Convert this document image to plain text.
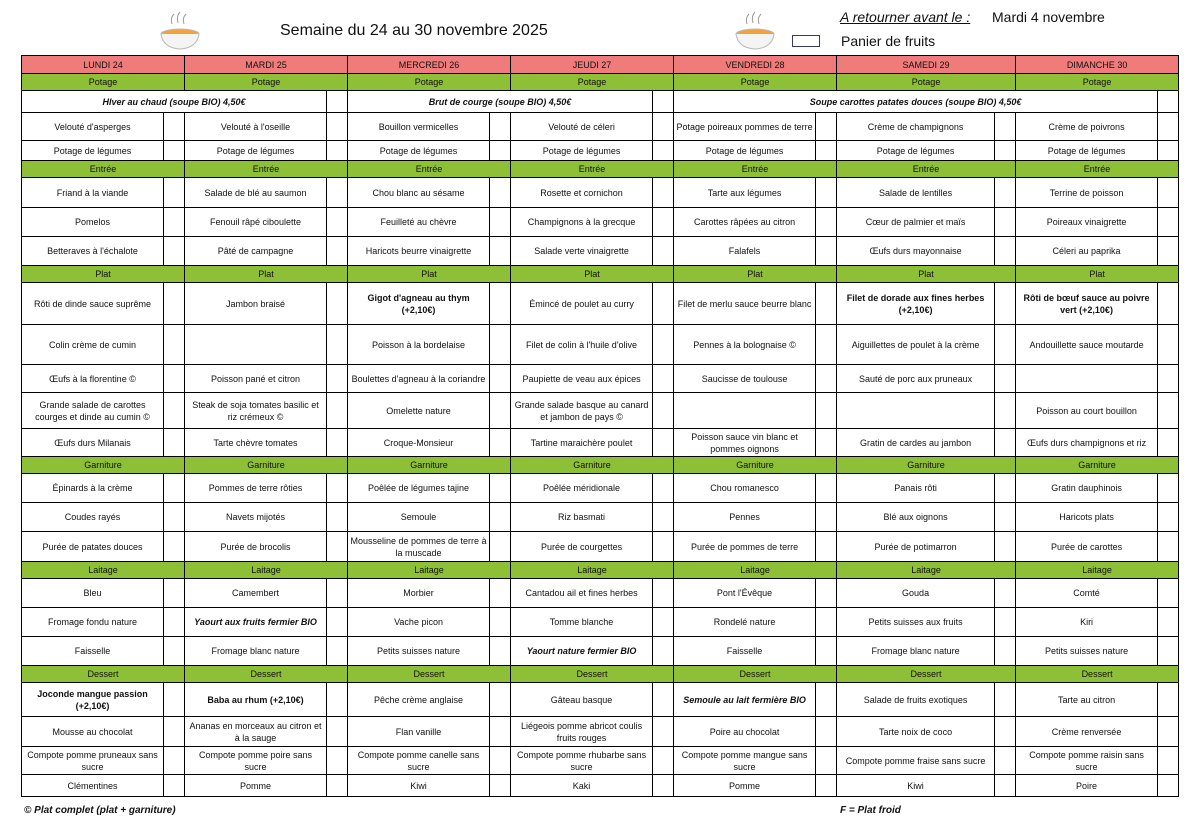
Semaine du 24 au 30 novembre 2025
A retourner avant le : Mardi 4 novembre
Panier de fruits
LUNDI 24		MARDI 25		MERCREDI 26		JEUDI 27		VENDREDI 28		SAMEDI 29		DIMANCHE 30		
Potage		Potage		Potage		Potage		Potage		Potage		Potage		
HIver au chaud (soupe BIO) 4,50€				Brut de courge (soupe BIO) 4,50€				Soupe carottes patates douces (soupe BIO) 4,50€						
Velouté d'asperges		Velouté à l'oseille		Bouillon vermicelles		Velouté de céleri		Potage poireaux pommes de terre		Crème de champignons		Crème de poivrons		
Potage de légumes		Potage de légumes		Potage de légumes		Potage de légumes		Potage de légumes		Potage de légumes		Potage de légumes		
Entrée		Entrée		Entrée		Entrée		Entrée		Entrée		Entrée		
Friand à la viande		Salade de blé au saumon		Chou blanc au sésame		Rosette et cornichon		Tarte aux légumes		Salade de lentilles		Terrine de poisson		
Pomelos		Fenouil râpé ciboulette		Feuilleté au chèvre		Champignons à la grecque		Carottes râpées au citron		Cœur de palmier et maïs		Poireaux vinaigrette		
Betteraves à l'échalote		Pâté de campagne		Haricots beurre vinaigrette		Salade verte vinaigrette		Falafels		Œufs durs mayonnaise		Céleri au paprika		
Plat		Plat		Plat		Plat		Plat		Plat		Plat		
Rôti de dinde sauce suprême		Jambon braisé		Gigot d'agneau au thym (+2,10€)		Émincé de poulet au curry		Filet de merlu sauce beurre blanc		Filet de dorade aux fines herbes (+2,10€)		Rôti de bœuf sauce au poivre vert (+2,10€)		
Colin crème de cumin				Poisson à la bordelaise		Filet de colin à l'huile d'olive		Pennes à la bolognaise ©		Aiguillettes de poulet à la crème		Andouillette sauce moutarde		
Œufs à la florentine ©		Poisson pané et citron		Boulettes d'agneau à la coriandre		Paupiette de veau aux épices		Saucisse de toulouse		Sauté de porc aux pruneaux				
Grande salade de carottes courges et dinde au cumin ©		Steak de soja tomates basilic et riz crémeux ©		Omelette nature		Grande salade basque au canard et jambon de pays ©						Poisson au court bouillon		
Œufs durs Milanais		Tarte chèvre tomates		Croque-Monsieur		Tartine maraichère poulet		Poisson sauce vin blanc et pommes oignons		Gratin de cardes au jambon		Œufs durs champignons et riz		
Garniture		Garniture		Garniture		Garniture		Garniture		Garniture		Garniture		
Épinards à la crème		Pommes de terre rôties		Poêlée de légumes tajine		Poêlée méridionale		Chou romanesco		Panais rôti		Gratin dauphinois		
Coudes rayés		Navets mijotés		Semoule		Riz basmati		Pennes		Blé aux oignons		Haricots plats		
Purée de patates douces		Purée de brocolis		Mousseline de pommes de terre à la muscade		Purée de courgettes		Purée de pommes de terre		Purée de potimarron		Purée de carottes		
Laitage		Laitage		Laitage		Laitage		Laitage		Laitage		Laitage		
Bleu		Camembert		Morbier		Cantadou ail et fines herbes		Pont l'Évêque		Gouda		Comté		
Fromage fondu nature		Yaourt aux fruits fermier BIO		Vache picon		Tomme blanche		Rondelé nature		Petits suisses aux fruits		Kiri		
Faisselle		Fromage blanc nature		Petits suisses nature		Yaourt nature fermier BIO		Faisselle		Fromage blanc nature		Petits suisses nature		
Dessert		Dessert		Dessert		Dessert		Dessert		Dessert		Dessert		
Joconde mangue passion (+2,10€)		Baba au rhum (+2,10€)		Pêche crème anglaise		Gâteau basque		Semoule au lait fermière BIO		Salade de fruits exotiques		Tarte au citron		
Mousse au chocolat		Ananas en morceaux au citron et à la sauge		Flan vanille		Liégeois pomme abricot coulis fruits rouges		Poire au chocolat		Tarte noix de coco		Crème renversée		
Compote pomme pruneaux sans sucre		Compote pomme poire sans sucre		Compote pomme canelle sans sucre		Compote pomme rhubarbe sans sucre		Compote pomme mangue sans sucre		Compote pomme fraise sans sucre		Compote pomme raisin sans sucre		
Clémentines		Pomme		Kiwi		Kaki		Pomme		Kiwi		Poire		
© Plat complet (plat + garniture)	F = Plat froid
